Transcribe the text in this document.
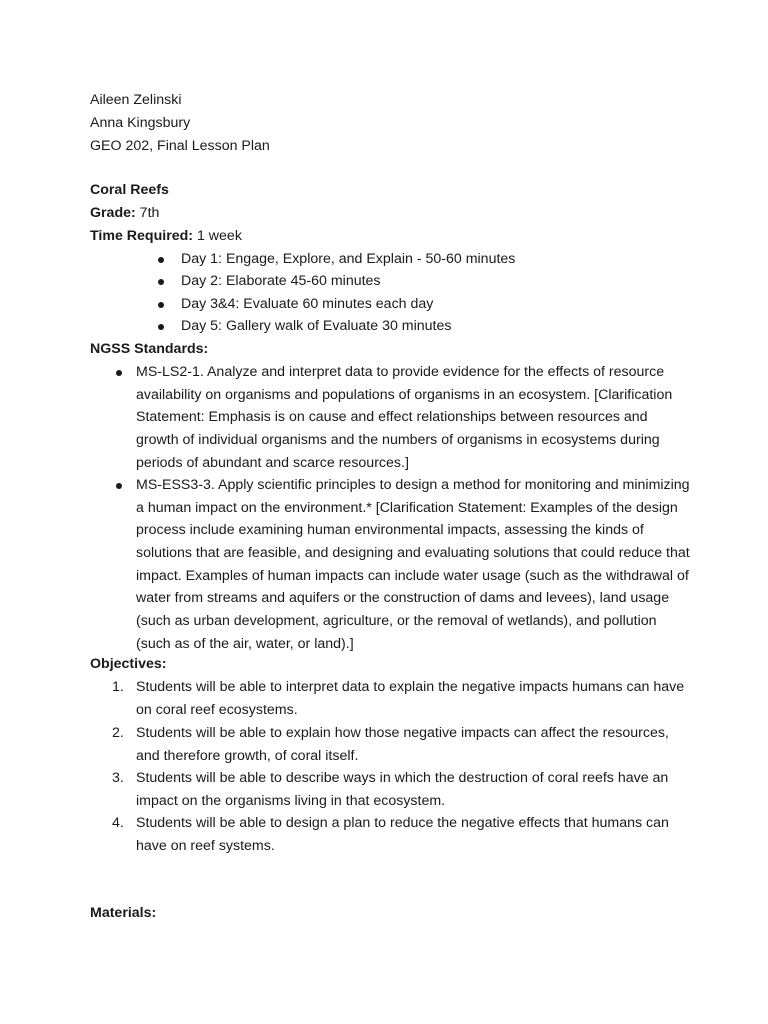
Aileen Zelinski
Anna Kingsbury
GEO 202, Final Lesson Plan
Coral Reefs
Grade: 7th
Time Required: 1 week
Day 1: Engage, Explore, and Explain - 50-60 minutes
Day 2: Elaborate 45-60 minutes
Day 3&4: Evaluate 60 minutes each day
Day 5: Gallery walk of Evaluate 30 minutes
NGSS Standards:
MS-LS2-1. Analyze and interpret data to provide evidence for the effects of resource
availability on organisms and populations of organisms in an ecosystem. [Clarification
Statement: Emphasis is on cause and effect relationships between resources and
growth of individual organisms and the numbers of organisms in ecosystems during
periods of abundant and scarce resources.]
MS-ESS3-3. Apply scientific principles to design a method for monitoring and minimizing
a human impact on the environment.* [Clarification Statement: Examples of the design
process include examining human environmental impacts, assessing the kinds of
solutions that are feasible, and designing and evaluating solutions that could reduce that
impact. Examples of human impacts can include water usage (such as the withdrawal of
water from streams and aquifers or the construction of dams and levees), land usage
(such as urban development, agriculture, or the removal of wetlands), and pollution
(such as of the air, water, or land).]
Objectives:
1. Students will be able to interpret data to explain the negative impacts humans can have
on coral reef ecosystems.
2. Students will be able to explain how those negative impacts can affect the resources,
and therefore growth, of coral itself.
3. Students will be able to describe ways in which the destruction of coral reefs have an
impact on the organisms living in that ecosystem.
4. Students will be able to design a plan to reduce the negative effects that humans can
have on reef systems.
Materials:
